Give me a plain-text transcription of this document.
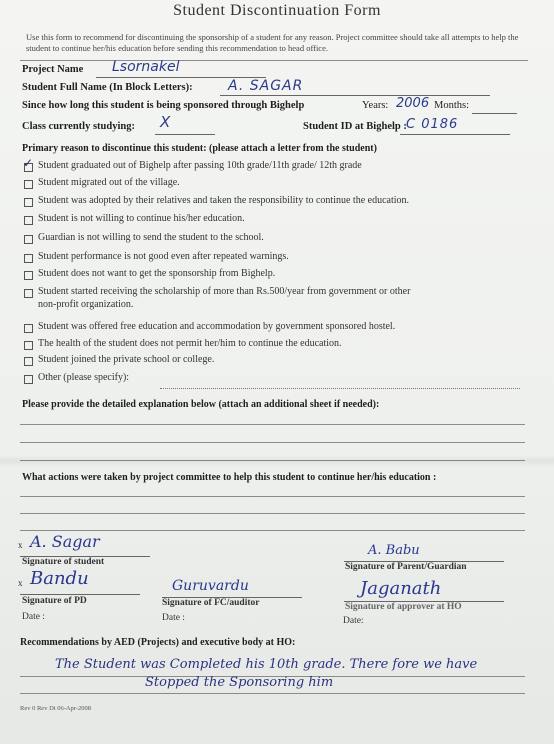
Student Discontinuation Form
Use this form to recommend for discontinuing the sponsorship of a student for any reason. Project committee should take all attempts to help the student to continue her/his education before sending this recommendation to head office.
Project Name Lsornakel
Student Full Name (In Block Letters):	A. SAGAR
Since how long this student is being sponsored through Bighelp	Years: 2006 Months:
Class currently studying: X	Student ID at Bighelp : C 0186
Primary reason to discontinue this student: (please attach a letter from the student)
✓ Student graduated out of Bighelp after passing 10th grade/11th grade/ 12th grade
Student migrated out of the village.
Student was adopted by their relatives and taken the responsibility to continue the education.
Student is not willing to continue his/her education.
Guardian is not willing to send the student to the school.
Student performance is not good even after repeated warnings.
Student does not want to get the sponsorship from Bighelp.
Student started receiving the scholarship of more than Rs.500/year from government or other
non-profit organization.
Student was offered free education and accommodation by government sponsored hostel.
The health of the student does not permit her/him to continue the education.
Student joined the private school or college.
Other (please specify):
Please provide the detailed explanation below (attach an additional sheet if needed):
What actions were taken by project committee to help this student to continue her/his education :
x A. Sagar
Signature of student
A. Babu
Signature of Parent/Guardian
x Bandu
Signature of PD
Date :
Guruvardu
Signature of FC/auditor
Date :
Jaganath
Signature of approver at HO
Date:
Recommendations by AED (Projects) and executive body at HO:
The Student was Completed his 10th grade. There fore we have
Stopped the Sponsoring him
Rev 0 Rev Dt 06-Apr-2008
